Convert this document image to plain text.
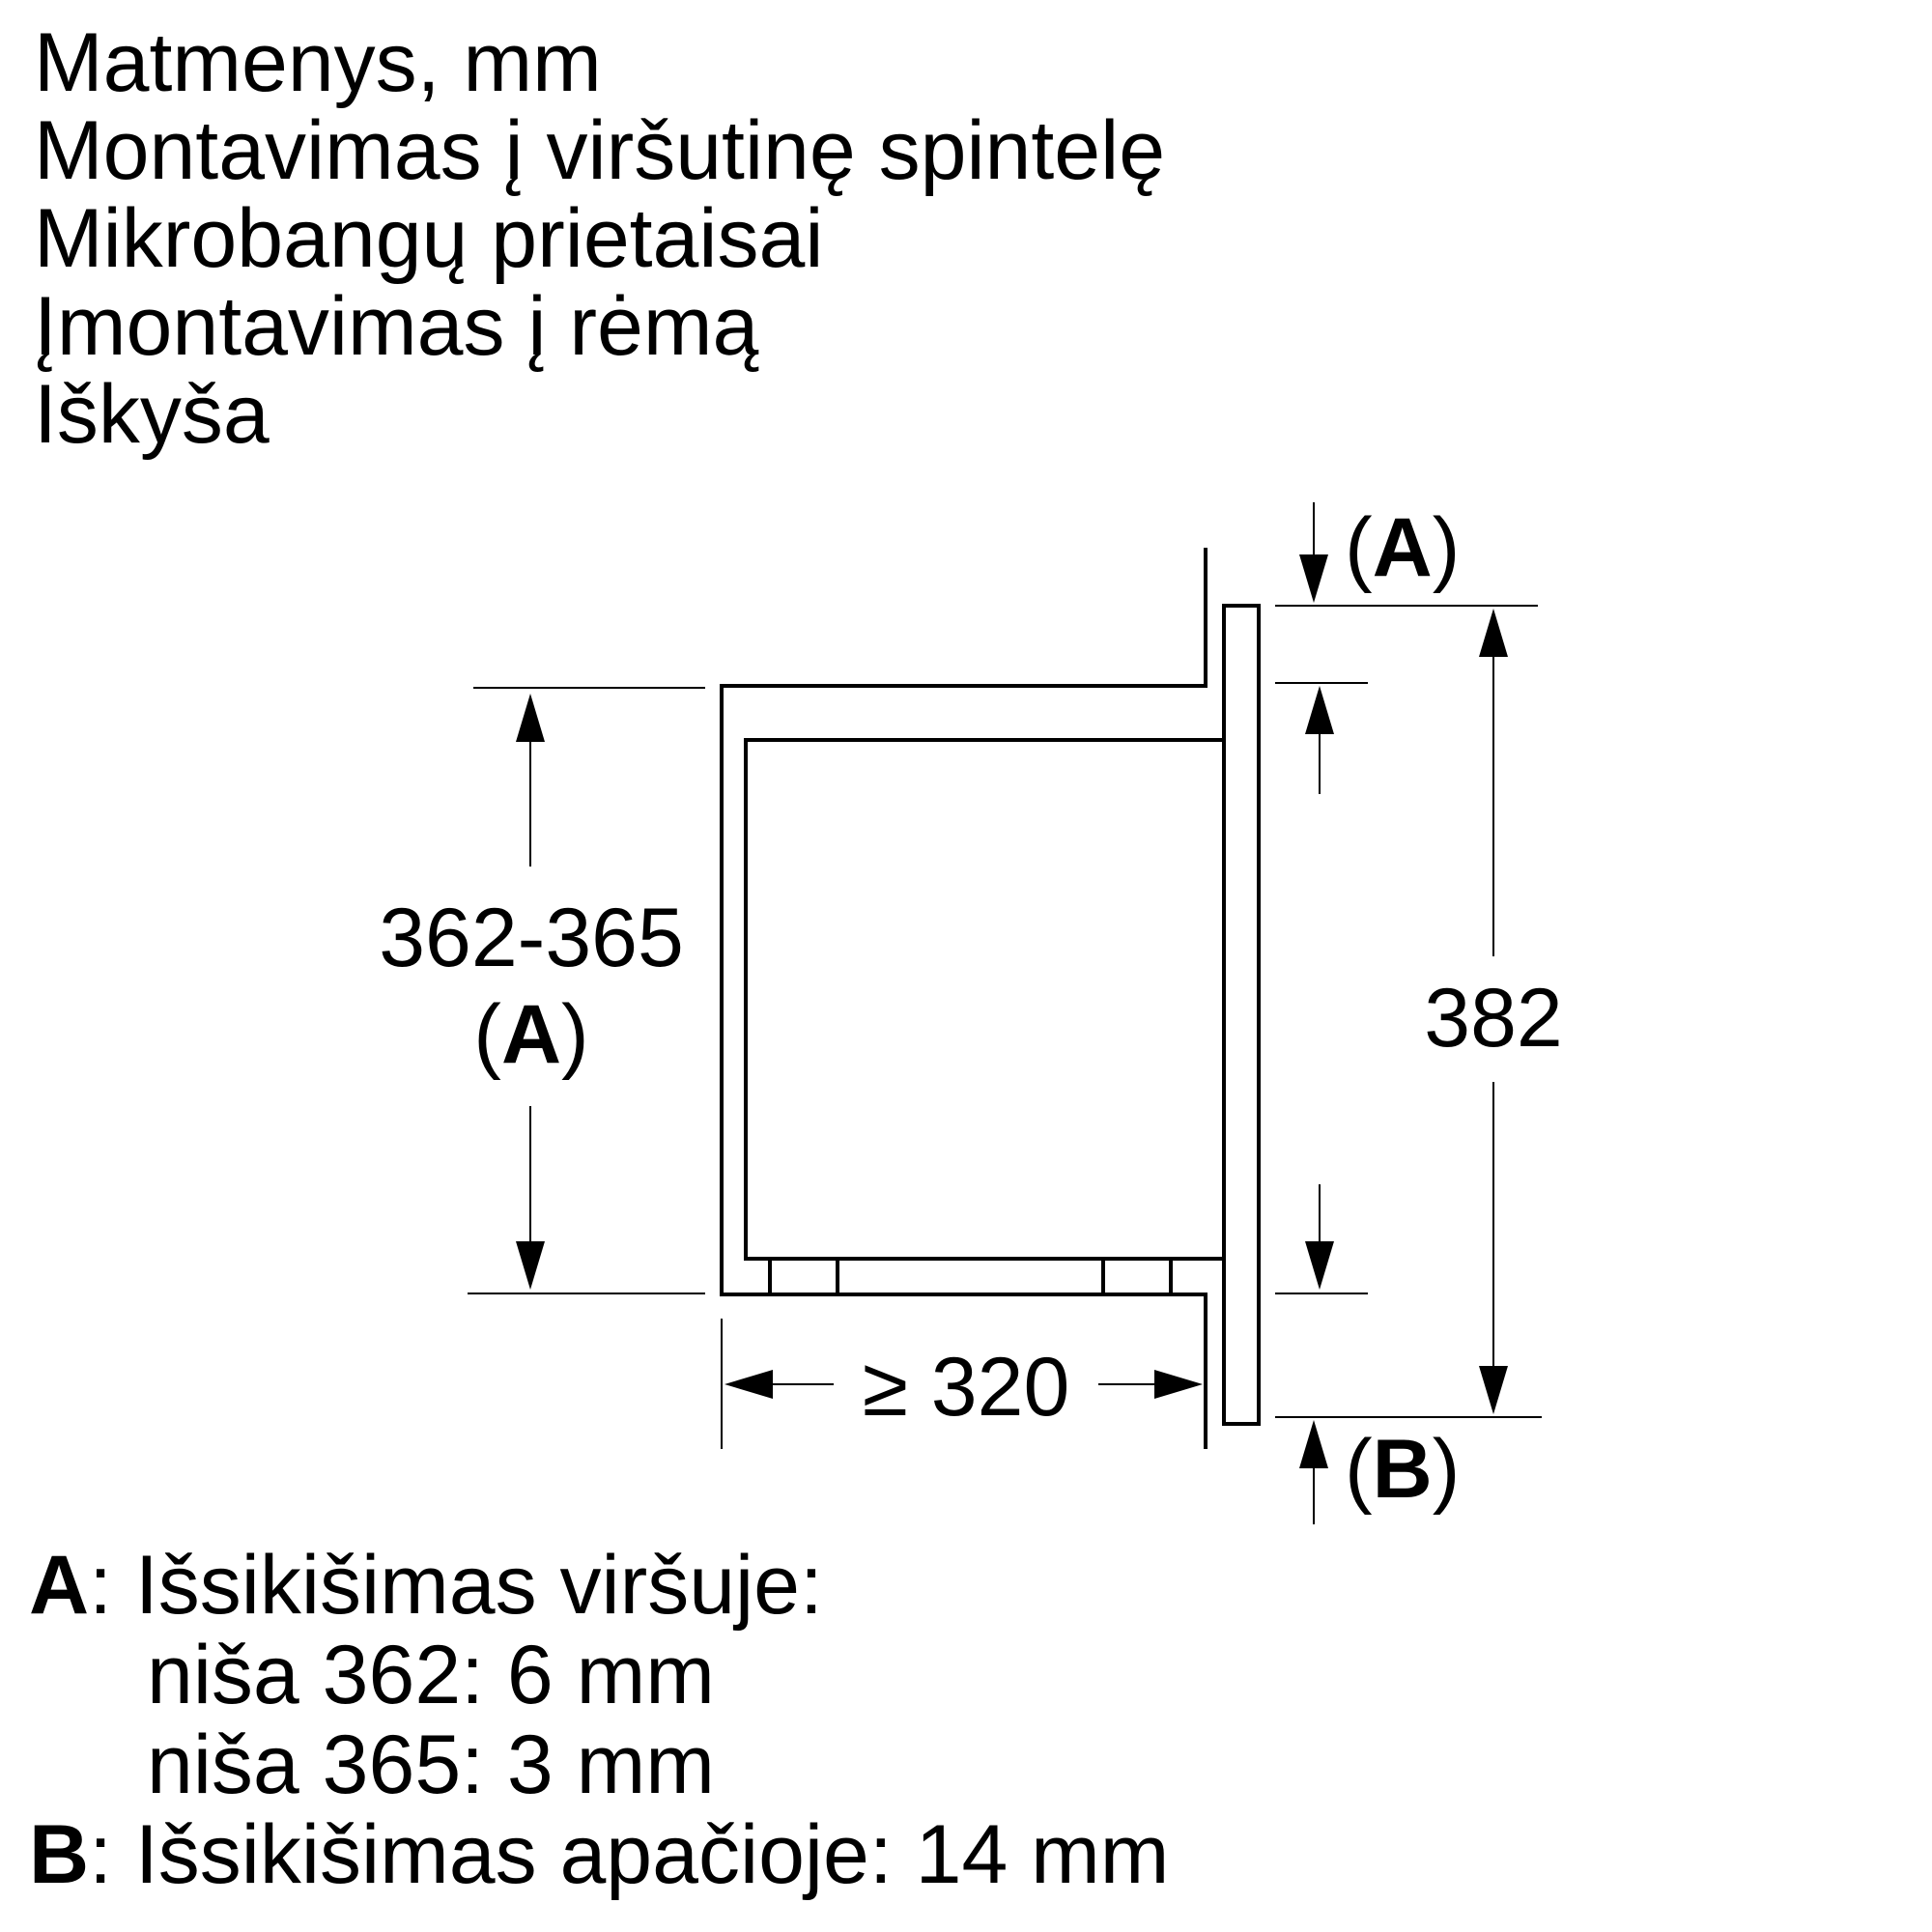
Matmenys, mm
Montavimas į viršutinę spintelę
Mikrobangų prietaisai
Įmontavimas į rėmą
Iškyša
362-365
(A)
≥ 320
382
(A)
(B)
A: Išsikišimas viršuje:
niša 362: 6 mm
niša 365: 3 mm
B: Išsikišimas apačioje: 14 mm
